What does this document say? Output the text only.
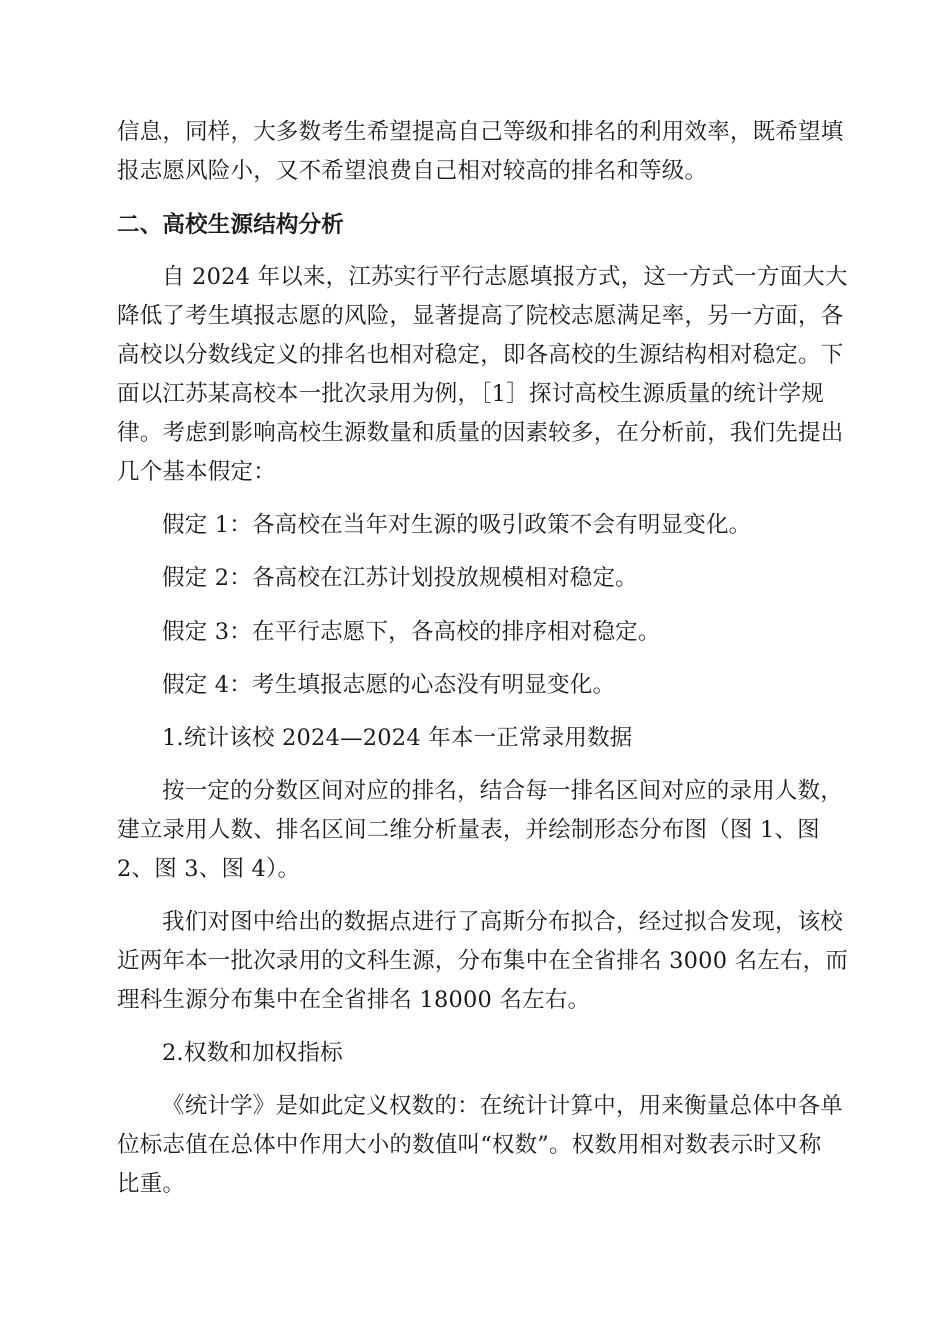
信息，同样，大多数考生希望提高自己等级和排名的利用效率，既希望填
报志愿风险小，又不希望浪费自己相对较高的排名和等级。
二、高校生源结构分析
自 2024 年以来，江苏实行平行志愿填报方式，这一方式一方面大大
降低了考生填报志愿的风险，显著提高了院校志愿满足率，另一方面，各
高校以分数线定义的排名也相对稳定，即各高校的生源结构相对稳定。下
面以江苏某高校本一批次录用为例，［1］探讨高校生源质量的统计学规
律。考虑到影响高校生源数量和质量的因素较多，在分析前，我们先提出
几个基本假定：
假定 1：各高校在当年对生源的吸引政策不会有明显变化。
假定 2：各高校在江苏计划投放规模相对稳定。
假定 3：在平行志愿下，各高校的排序相对稳定。
假定 4：考生填报志愿的心态没有明显变化。
1.统计该校 2024—2024 年本一正常录用数据
按一定的分数区间对应的排名，结合每一排名区间对应的录用人数，
建立录用人数、排名区间二维分析量表，并绘制形态分布图（图 1、图
2、图 3、图 4）。
我们对图中给出的数据点进行了高斯分布拟合，经过拟合发现，该校
近两年本一批次录用的文科生源，分布集中在全省排名 3000 名左右，而
理科生源分布集中在全省排名 18000 名左右。
2.权数和加权指标
《统计学》是如此定义权数的：在统计计算中，用来衡量总体中各单
位标志值在总体中作用大小的数值叫“权数”。权数用相对数表示时又称
比重。
